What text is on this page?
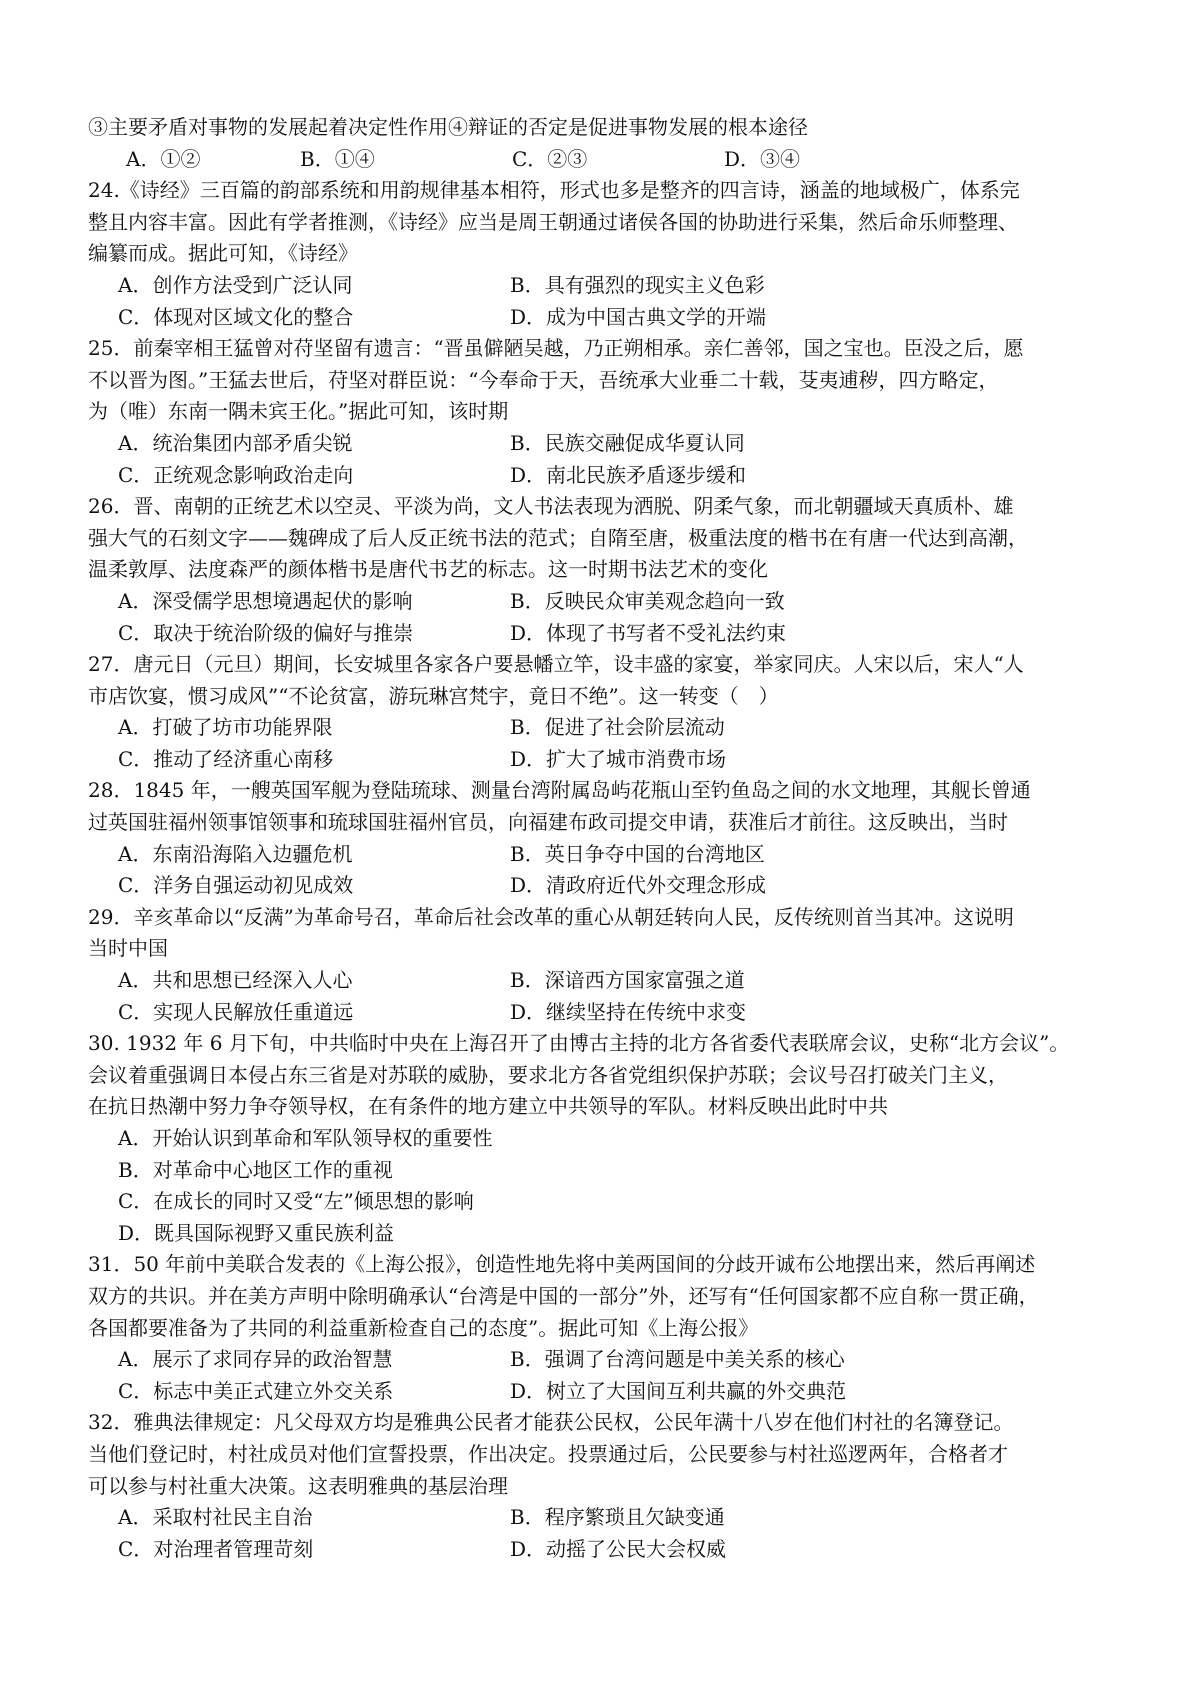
③主要矛盾对事物的发展起着决定性作用④辩证的否定是促进事物发展的根本途径
A．①②	B．①④	C．②③	D．③④
24.《诗经》三百篇的韵部系统和用韵规律基本相符，形式也多是整齐的四言诗，涵盖的地域极广，体系完
整且内容丰富。因此有学者推测，《诗经》应当是周王朝通过诸侯各国的协助进行采集，然后命乐师整理、
编纂而成。据此可知，《诗经》
A．创作方法受到广泛认同	B．具有强烈的现实主义色彩
C．体现对区域文化的整合	D．成为中国古典文学的开端
25．前秦宰相王猛曾对苻坚留有遗言：“晋虽僻陋吴越，乃正朔相承。亲仁善邻，国之宝也。臣没之后，愿
不以晋为图。”王猛去世后，苻坚对群臣说：“今奉命于天，吾统承大业垂二十载，芟夷逋秽，四方略定，
为（唯）东南一隅未宾王化。”据此可知，该时期
A．统治集团内部矛盾尖锐	B．民族交融促成华夏认同
C．正统观念影响政治走向	D．南北民族矛盾逐步缓和
26．晋、南朝的正统艺术以空灵、平淡为尚，文人书法表现为洒脱、阴柔气象，而北朝疆域天真质朴、雄
强大气的石刻文字——魏碑成了后人反正统书法的范式；自隋至唐，极重法度的楷书在有唐一代达到高潮，
温柔敦厚、法度森严的颜体楷书是唐代书艺的标志。这一时期书法艺术的变化
A．深受儒学思想境遇起伏的影响	B．反映民众审美观念趋向一致
C．取决于统治阶级的偏好与推崇	D．体现了书写者不受礼法约束
27．唐元日（元旦）期间，长安城里各家各户要悬幡立竿，设丰盛的家宴，举家同庆。人宋以后，宋人“人
市店饮宴，惯习成风”“不论贫富，游玩琳宫梵宇，竟日不绝”。这一转变（　）
A．打破了坊市功能界限	B．促进了社会阶层流动
C．推动了经济重心南移	D．扩大了城市消费市场
28．1845 年，一艘英国军舰为登陆琉球、测量台湾附属岛屿花瓶山至钓鱼岛之间的水文地理，其舰长曾通
过英国驻福州领事馆领事和琉球国驻福州官员，向福建布政司提交申请，获准后才前往。这反映出，当时
A．东南沿海陷入边疆危机	B．英日争夺中国的台湾地区
C．洋务自强运动初见成效	D．清政府近代外交理念形成
29．辛亥革命以“反满”为革命号召，革命后社会改革的重心从朝廷转向人民，反传统则首当其冲。这说明
当时中国
A．共和思想已经深入人心	B．深谙西方国家富强之道
C．实现人民解放任重道远	D．继续坚持在传统中求变
30. 1932 年 6 月下旬，中共临时中央在上海召开了由博古主持的北方各省委代表联席会议，史称“北方会议”。
会议着重强调日本侵占东三省是对苏联的威胁，要求北方各省党组织保护苏联；会议号召打破关门主义，
在抗日热潮中努力争夺领导权，在有条件的地方建立中共领导的军队。材料反映出此时中共
A．开始认识到革命和军队领导权的重要性
B．对革命中心地区工作的重视
C．在成长的同时又受“左”倾思想的影响
D．既具国际视野又重民族利益
31．50 年前中美联合发表的《上海公报》，创造性地先将中美两国间的分歧开诚布公地摆出来，然后再阐述
双方的共识。并在美方声明中除明确承认“台湾是中国的一部分”外，还写有“任何国家都不应自称一贯正确，
各国都要准备为了共同的利益重新检查自己的态度”。据此可知《上海公报》
A．展示了求同存异的政治智慧	B．强调了台湾问题是中美关系的核心
C．标志中美正式建立外交关系	D．树立了大国间互利共赢的外交典范
32．雅典法律规定：凡父母双方均是雅典公民者才能获公民权，公民年满十八岁在他们村社的名簿登记。
当他们登记时，村社成员对他们宣誓投票，作出决定。投票通过后，公民要参与村社巡逻两年，合格者才
可以参与村社重大决策。这表明雅典的基层治理
A．采取村社民主自治	B．程序繁琐且欠缺变通
C．对治理者管理苛刻	D．动摇了公民大会权威
